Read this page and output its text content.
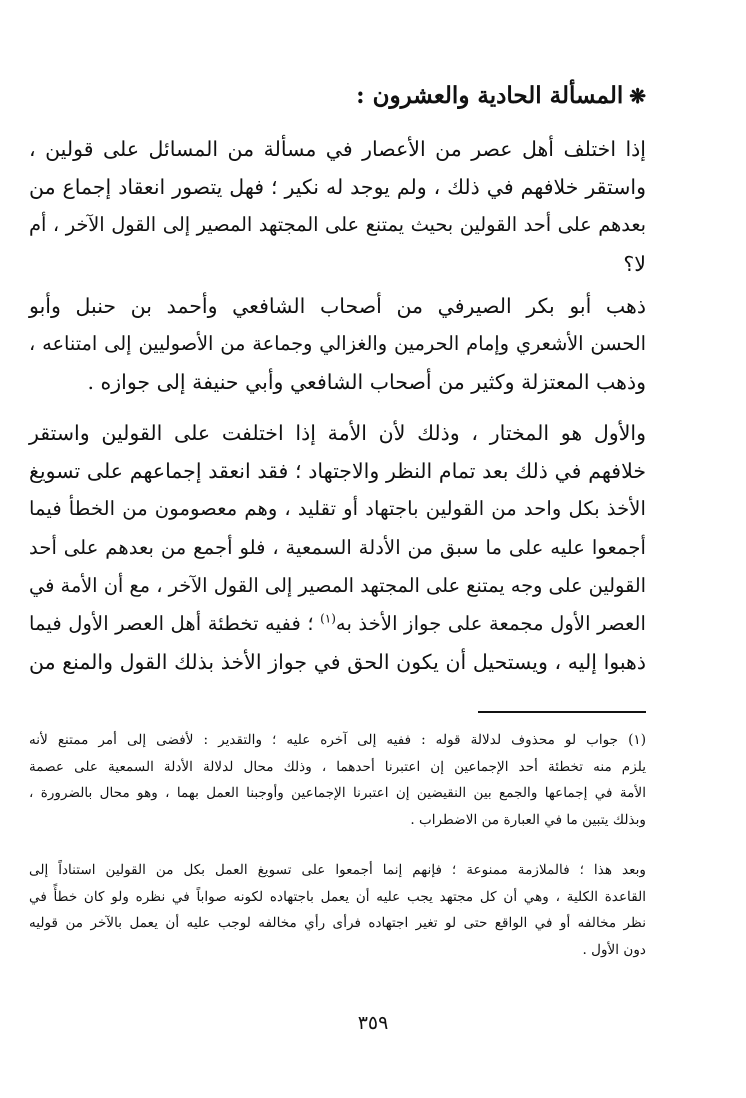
❋المسألة الحادية والعشرون :
إذا اختلف أهل عصر من الأعصار في مسألة من المسائل على قولين ،
واستقر خلافهم في ذلك ، ولم يوجد له نكير ؛ فهل يتصور انعقاد إجماع من
بعدهم على أحد القولين بحيث يمتنع على المجتهد المصير إلى القول الآخر ، أم
لا؟
ذهب أبو بكر الصيرفي من أصحاب الشافعي وأحمد بن حنبل وأبو
الحسن الأشعري وإمام الحرمين والغزالي وجماعة من الأصوليين إلى امتناعه ،
وذهب المعتزلة وكثير من أصحاب الشافعي وأبي حنيفة إلى جوازه .
والأول هو المختار ، وذلك لأن الأمة إذا اختلفت على القولين واستقر
خلافهم في ذلك بعد تمام النظر والاجتهاد ؛ فقد انعقد إجماعهم على تسويغ
الأخذ بكل واحد من القولين باجتهاد أو تقليد ، وهم معصومون من الخطأ فيما
أجمعوا عليه على ما سبق من الأدلة السمعية ، فلو أجمع من بعدهم على أحد
القولين على وجه يمتنع على المجتهد المصير إلى القول الآخر ، مع أن الأمة في
العصر الأول مجمعة على جواز الأخذ به$^{(١)}$ ؛ ففيه تخطئة أهل العصر الأول فيما
ذهبوا إليه ، ويستحيل أن يكون الحق في جواز الأخذ بذلك القول والمنع من
(١) جواب لو محذوف لدلالة قوله : ففيه إلى آخره عليه ؛ والتقدير : لأفضى إلى أمر ممتنع لأنه
يلزم منه تخطئة أحد الإجماعين إن اعتبرنا أحدهما ، وذلك محال لدلالة الأدلة السمعية على عصمة
الأمة في إجماعها والجمع بين النقيضين إن اعتبرنا الإجماعين وأوجبنا العمل بهما ، وهو محال بالضرورة ،
وبذلك يتبين ما في العبارة من الاضطراب .
وبعد هذا ؛ فالملازمة ممنوعة ؛ فإنهم إنما أجمعوا على تسويغ العمل بكل من القولين استناداً إلى
القاعدة الكلية ، وهي أن كل مجتهد يجب عليه أن يعمل باجتهاده لكونه صواباً في نظره ولو كان خطأً في
نظر مخالفه أو في الواقع حتى لو تغير اجتهاده فرأى رأي مخالفه لوجب عليه أن يعمل بالآخر من قوليه
دون الأول .
٣٥٩
